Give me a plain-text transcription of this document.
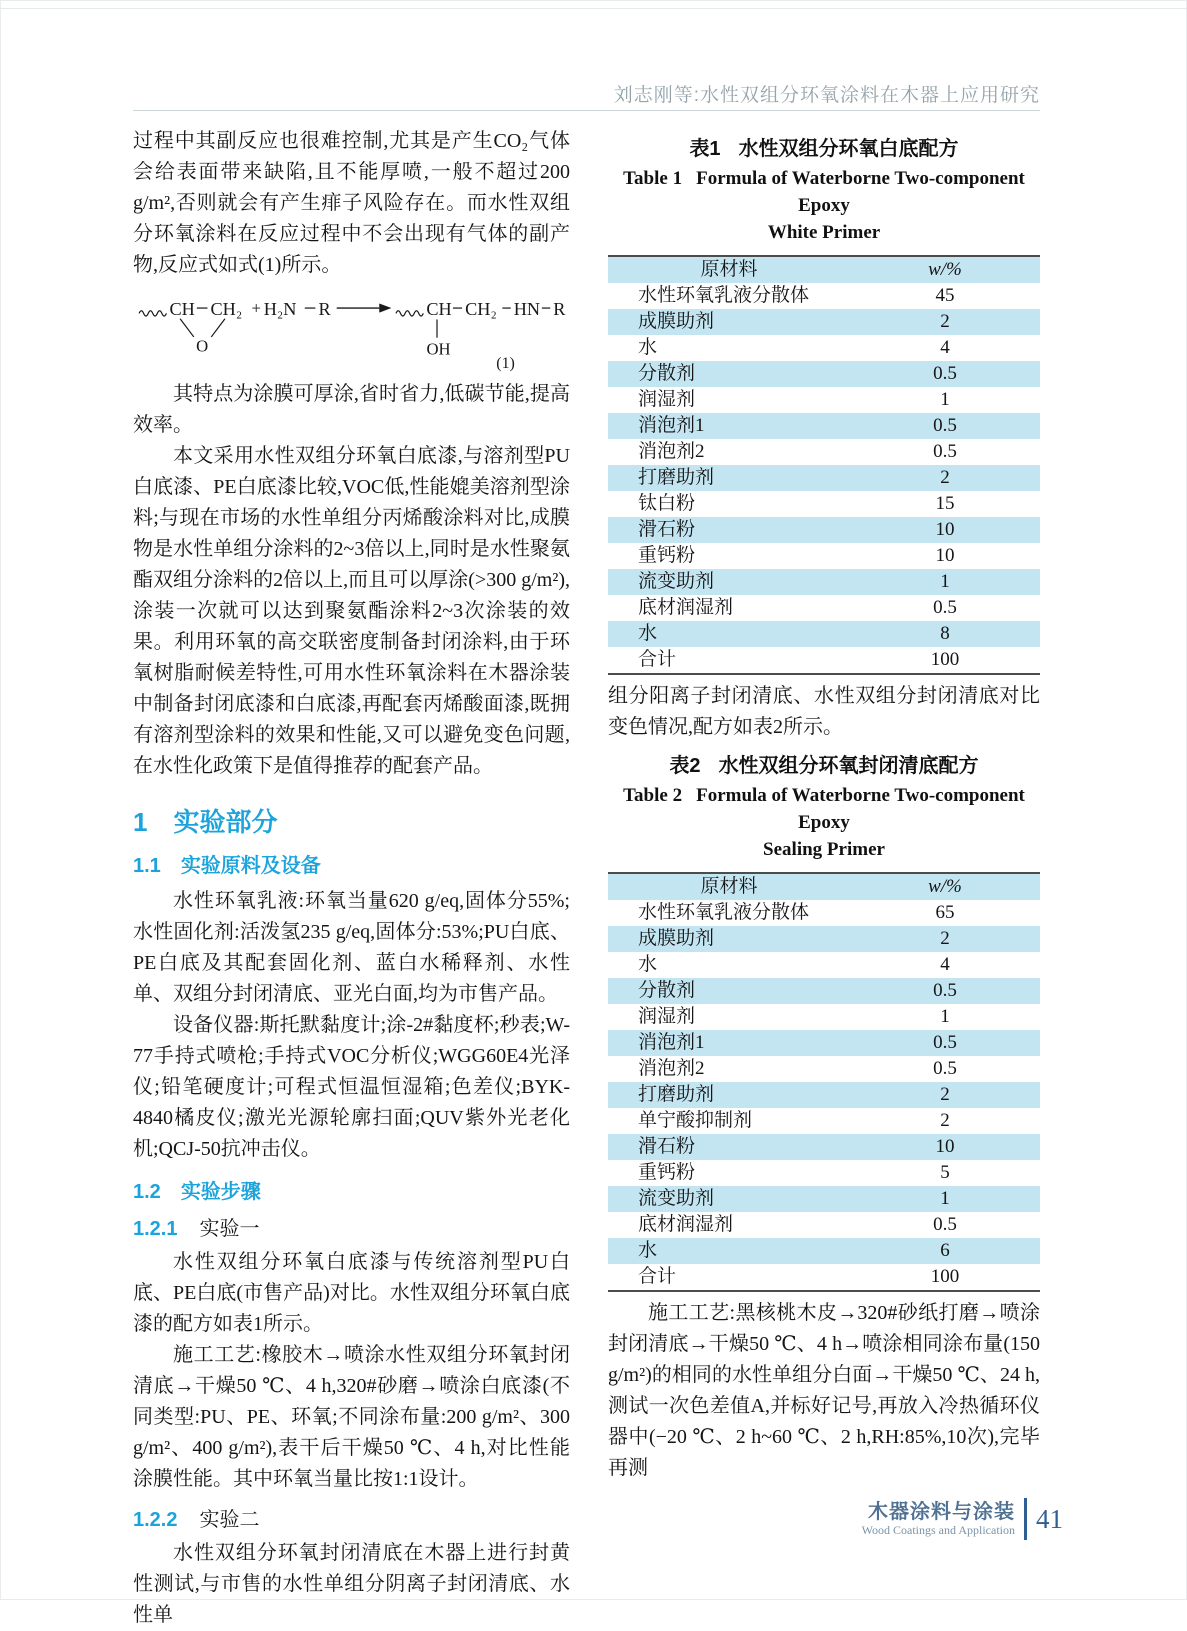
刘志刚等:水性双组分环氧涂料在木器上应用研究

过程中其副反应也很难控制,尤其是产生CO₂气体会给表面带来缺陷,且不能厚喷,一般不超过200 g/m²,否则就会有产生痱子风险存在。而水性双组分环氧涂料在反应过程中不会出现有气体的副产物,反应式如式(1)所示。

CH CH₂
O
+ H₂N R	CH CH₂ HN R
OH
(1)

其特点为涂膜可厚涂,省时省力,低碳节能,提高效率。

本文采用水性双组分环氧白底漆,与溶剂型PU白底漆、PE白底漆比较,VOC低,性能媲美溶剂型涂料;与现在市场的水性单组分丙烯酸涂料对比,成膜物是水性单组分涂料的2~3倍以上,同时是水性聚氨酯双组分涂料的2倍以上,而且可以厚涂(>300 g/m²),涂装一次就可以达到聚氨酯涂料2~3次涂装的效果。利用环氧的高交联密度制备封闭涂料,由于环氧树脂耐候差特性,可用水性环氧涂料在木器涂装中制备封闭底漆和白底漆,再配套丙烯酸面漆,既拥有溶剂型涂料的效果和性能,又可以避免变色问题,在水性化政策下是值得推荐的配套产品。

1 实验部分
1.1 实验原料及设备

水性环氧乳液:环氧当量620 g/eq,固体分55%;水性固化剂:活泼氢235 g/eq,固体分:53%;PU白底、PE白底及其配套固化剂、蓝白水稀释剂、水性单、双组分封闭清底、亚光白面,均为市售产品。

设备仪器:斯托默黏度计;涂-2#黏度杯;秒表;W-77手持式喷枪;手持式VOC分析仪;WGG60E4光泽仪;铅笔硬度计;可程式恒温恒湿箱;色差仪;BYK-4840橘皮仪;激光光源轮廓扫面;QUV紫外光老化机;QCJ-50抗冲击仪。

1.2 实验步骤
1.2.1 实验一

水性双组分环氧白底漆与传统溶剂型PU白底、PE白底(市售产品)对比。水性双组分环氧白底漆的配方如表1所示。

施工工艺:橡胶木→喷涂水性双组分环氧封闭清底→干燥50 ℃、4 h,320#砂磨→喷涂白底漆(不同类型:PU、PE、环氧;不同涂布量:200 g/m²、300 g/m²、400 g/m²),表干后干燥50 ℃、4 h,对比性能涂膜性能。其中环氧当量比按1:1设计。

1.2.2 实验二

水性双组分环氧封闭清底在木器上进行封黄性测试,与市售的水性单组分阴离子封闭清底、水性单

表1 水性双组分环氧白底配方
Table 1 Formula of Waterborne Two-component Epoxy
White Primer
原材料	w/%
水性环氧乳液分散体	45
成膜助剂	2
水	4
分散剂	0.5
润湿剂	1
消泡剂1	0.5
消泡剂2	0.5
打磨助剂	2
钛白粉	15
滑石粉	10
重钙粉	10
流变助剂	1
底材润湿剂	0.5
水	8
合计	100

组分阳离子封闭清底、水性双组分封闭清底对比变色情况,配方如表2所示。

表2 水性双组分环氧封闭清底配方
Table 2 Formula of Waterborne Two-component Epoxy
Sealing Primer
原材料	w/%
水性环氧乳液分散体	65
成膜助剂	2
水	4
分散剂	0.5
润湿剂	1
消泡剂1	0.5
消泡剂2	0.5
打磨助剂	2
单宁酸抑制剂	2
滑石粉	10
重钙粉	5
流变助剂	1
底材润湿剂	0.5
水	6
合计	100

施工工艺:黑核桃木皮→320#砂纸打磨→喷涂封闭清底→干燥50 ℃、4 h→喷涂相同涂布量(150 g/m²)的相同的水性单组分白面→干燥50 ℃、24 h,测试一次色差值A,并标好记号,再放入冷热循环仪器中(−20 ℃、2 h~60 ℃、2 h,RH:85%,10次),完毕再测

木器涂料与涂装
Wood Coatings and Application 41
